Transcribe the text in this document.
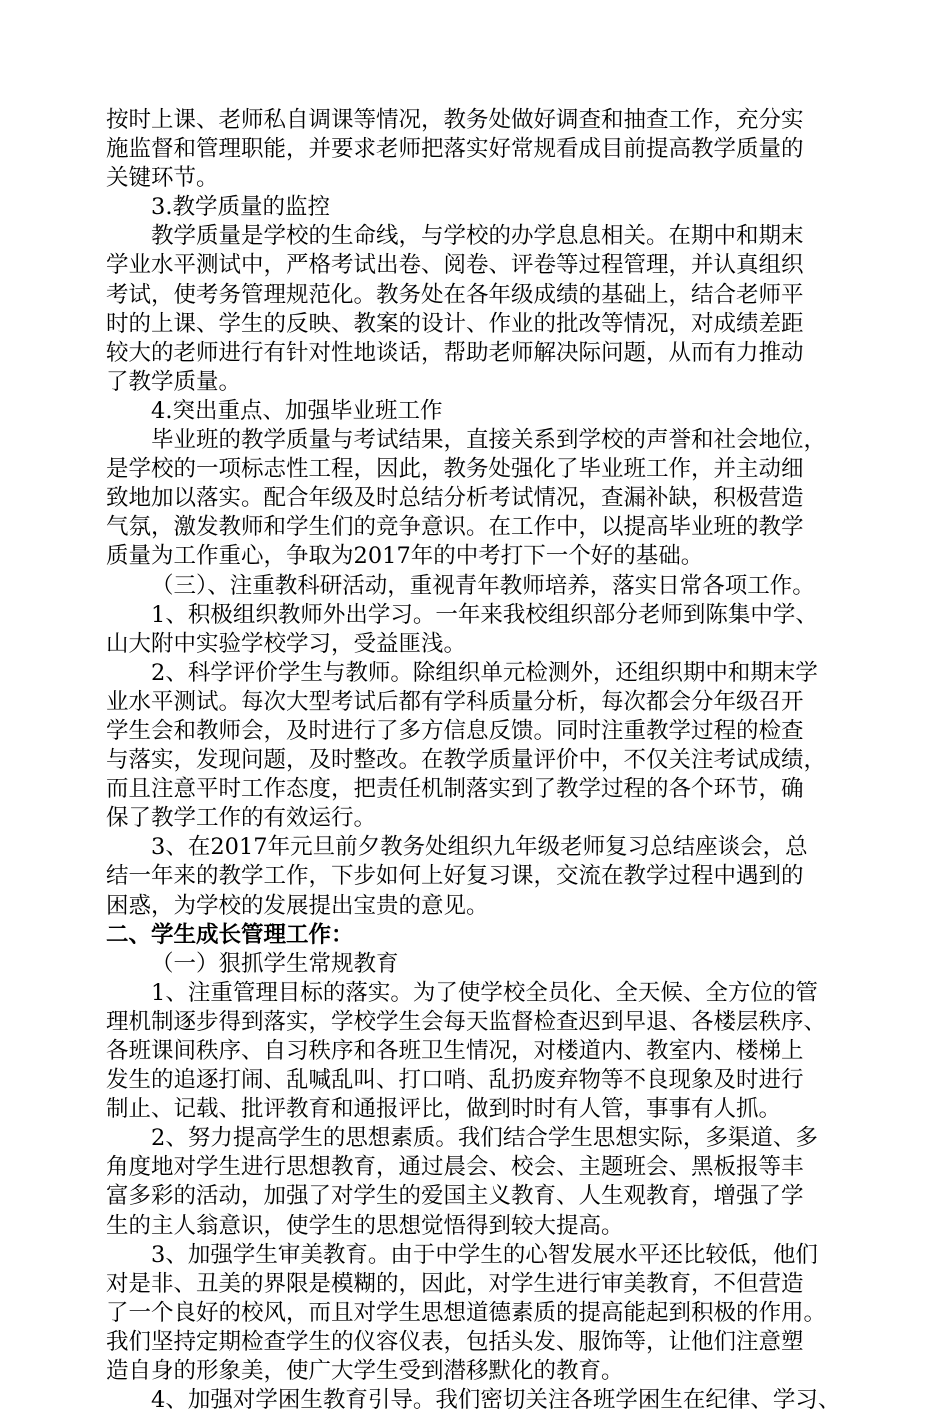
按时上课、老师私自调课等情况，教务处做好调查和抽查工作，充分实
施监督和管理职能，并要求老师把落实好常规看成目前提高教学质量的
关键环节。
3.教学质量的监控
教学质量是学校的生命线，与学校的办学息息相关。在期中和期末
学业水平测试中，严格考试出卷、阅卷、评卷等过程管理，并认真组织
考试，使考务管理规范化。教务处在各年级成绩的基础上，结合老师平
时的上课、学生的反映、教案的设计、作业的批改等情况，对成绩差距
较大的老师进行有针对性地谈话，帮助老师解决际问题，从而有力推动
了教学质量。
4.突出重点、加强毕业班工作
毕业班的教学质量与考试结果，直接关系到学校的声誉和社会地位，
是学校的一项标志性工程，因此，教务处强化了毕业班工作，并主动细
致地加以落实。配合年级及时总结分析考试情况，查漏补缺，积极营造
气氛，激发教师和学生们的竞争意识。在工作中，以提高毕业班的教学
质量为工作重心，争取为2017年的中考打下一个好的基础。
（三）、注重教科研活动，重视青年教师培养，落实日常各项工作。
1、积极组织教师外出学习。一年来我校组织部分老师到陈集中学、
山大附中实验学校学习，受益匪浅。
2、科学评价学生与教师。除组织单元检测外，还组织期中和期末学
业水平测试。每次大型考试后都有学科质量分析，每次都会分年级召开
学生会和教师会，及时进行了多方信息反馈。同时注重教学过程的检查
与落实，发现问题，及时整改。在教学质量评价中，不仅关注考试成绩，
而且注意平时工作态度，把责任机制落实到了教学过程的各个环节，确
保了教学工作的有效运行。
3、在2017年元旦前夕教务处组织九年级老师复习总结座谈会，总
结一年来的教学工作，下步如何上好复习课，交流在教学过程中遇到的
困惑，为学校的发展提出宝贵的意见。
二、学生成长管理工作：
（一）狠抓学生常规教育
1、注重管理目标的落实。为了使学校全员化、全天候、全方位的管
理机制逐步得到落实，学校学生会每天监督检查迟到早退、各楼层秩序、
各班课间秩序、自习秩序和各班卫生情况，对楼道内、教室内、楼梯上
发生的追逐打闹、乱喊乱叫、打口哨、乱扔废弃物等不良现象及时进行
制止、记载、批评教育和通报评比，做到时时有人管，事事有人抓。
2、努力提高学生的思想素质。我们结合学生思想实际，多渠道、多
角度地对学生进行思想教育，通过晨会、校会、主题班会、黑板报等丰
富多彩的活动，加强了对学生的爱国主义教育、人生观教育，增强了学
生的主人翁意识，使学生的思想觉悟得到较大提高。
3、加强学生审美教育。由于中学生的心智发展水平还比较低，他们
对是非、丑美的界限是模糊的，因此，对学生进行审美教育，不但营造
了一个良好的校风，而且对学生思想道德素质的提高能起到积极的作用。
我们坚持定期检查学生的仪容仪表，包括头发、服饰等，让他们注意塑
造自身的形象美，使广大学生受到潜移默化的教育。
4、加强对学困生教育引导。我们密切关注各班学困生在纪律、学习、
